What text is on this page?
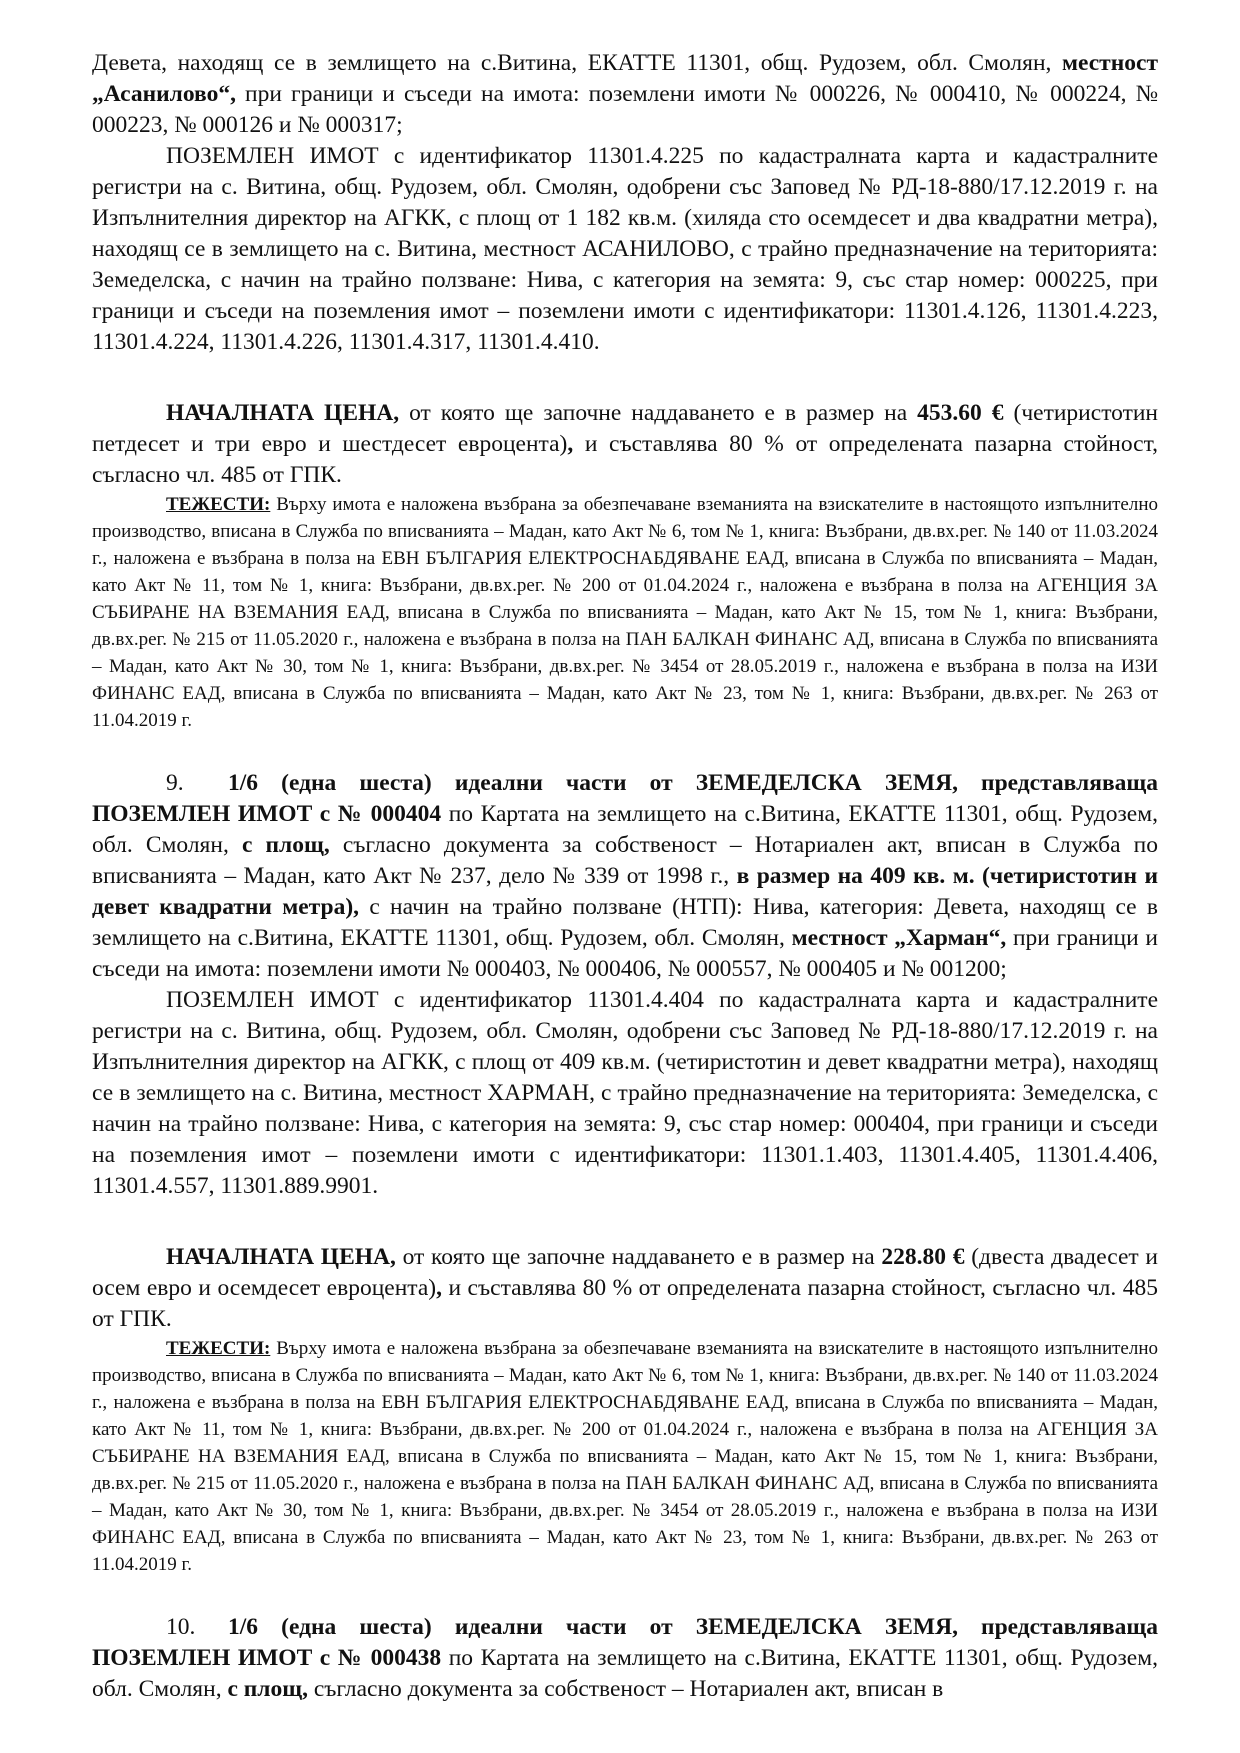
Девета, находящ се в землището на с.Витина, ЕКАТТЕ 11301, общ. Рудозем, обл. Смолян, местност „Асанилово“, при граници и съседи на имота: поземлени имоти № 000226, № 000410, № 000224, № 000223, № 000126 и № 000317;

ПОЗЕМЛЕН ИМОТ с идентификатор 11301.4.225 по кадастралната карта и кадастралните регистри на с. Витина, общ. Рудозем, обл. Смолян, одобрени със Заповед № РД-18-880/17.12.2019 г. на Изпълнителния директор на АГКК, с площ от 1 182 кв.м. (хиляда сто осемдесет и два квадратни метра), находящ се в землището на с. Витина, местност АСАНИЛОВО, с трайно предназначение на територията: Земеделска, с начин на трайно ползване: Нива, с категория на земята: 9, със стар номер: 000225, при граници и съседи на поземления имот – поземлени имоти с идентификатори: 11301.4.126, 11301.4.223, 11301.4.224, 11301.4.226, 11301.4.317, 11301.4.410.

НАЧАЛНАТА ЦЕНА, от която ще започне наддаването е в размер на 453.60 € (четиристотин петдесет и три евро и шестдесет евроцента), и съставлява 80 % от определената пазарна стойност, съгласно чл. 485 от ГПК.

ТЕЖЕСТИ: Върху имота е наложена възбрана за обезпечаване вземанията на взискателите в настоящото изпълнително производство, вписана в Служба по вписванията – Мадан, като Акт № 6, том № 1, книга: Възбрани, дв.вх.рег. № 140 от 11.03.2024 г., наложена е възбрана в полза на ЕВН БЪЛГАРИЯ ЕЛЕКТРОСНАБДЯВАНЕ ЕАД, вписана в Служба по вписванията – Мадан, като Акт № 11, том № 1, книга: Възбрани, дв.вх.рег. № 200 от 01.04.2024 г., наложена е възбрана в полза на АГЕНЦИЯ ЗА СЪБИРАНЕ НА ВЗЕМАНИЯ ЕАД, вписана в Служба по вписванията – Мадан, като Акт № 15, том № 1, книга: Възбрани, дв.вх.рег. № 215 от 11.05.2020 г., наложена е възбрана в полза на ПАН БАЛКАН ФИНАНС АД, вписана в Служба по вписванията – Мадан, като Акт № 30, том № 1, книга: Възбрани, дв.вх.рег. № 3454 от 28.05.2019 г., наложена е възбрана в полза на ИЗИ ФИНАНС ЕАД, вписана в Служба по вписванията – Мадан, като Акт № 23, том № 1, книга: Възбрани, дв.вх.рег. № 263 от 11.04.2019 г.

9. 1/6 (една шеста) идеални части от ЗЕМЕДЕЛСКА ЗЕМЯ, представляваща ПОЗЕМЛЕН ИМОТ с № 000404 по Картата на землището на с.Витина, ЕКАТТЕ 11301, общ. Рудозем, обл. Смолян, с площ, съгласно документа за собственост – Нотариален акт, вписан в Служба по вписванията – Мадан, като Акт № 237, дело № 339 от 1998 г., в размер на 409 кв. м. (четиристотин и девет квадратни метра), с начин на трайно ползване (НТП): Нива, категория: Девета, находящ се в землището на с.Витина, ЕКАТТЕ 11301, общ. Рудозем, обл. Смолян, местност „Харман“, при граници и съседи на имота: поземлени имоти № 000403, № 000406, № 000557, № 000405 и № 001200;

ПОЗЕМЛЕН ИМОТ с идентификатор 11301.4.404 по кадастралната карта и кадастралните регистри на с. Витина, общ. Рудозем, обл. Смолян, одобрени със Заповед № РД-18-880/17.12.2019 г. на Изпълнителния директор на АГКК, с площ от 409 кв.м. (четиристотин и девет квадратни метра), находящ се в землището на с. Витина, местност ХАРМАН, с трайно предназначение на територията: Земеделска, с начин на трайно ползване: Нива, с категория на земята: 9, със стар номер: 000404, при граници и съседи на поземления имот – поземлени имоти с идентификатори: 11301.1.403, 11301.4.405, 11301.4.406, 11301.4.557, 11301.889.9901.

НАЧАЛНАТА ЦЕНА, от която ще започне наддаването е в размер на 228.80 € (двеста двадесет и осем евро и осемдесет евроцента), и съставлява 80 % от определената пазарна стойност, съгласно чл. 485 от ГПК.

ТЕЖЕСТИ: Върху имота е наложена възбрана за обезпечаване вземанията на взискателите в настоящото изпълнително производство, вписана в Служба по вписванията – Мадан, като Акт № 6, том № 1, книга: Възбрани, дв.вх.рег. № 140 от 11.03.2024 г., наложена е възбрана в полза на ЕВН БЪЛГАРИЯ ЕЛЕКТРОСНАБДЯВАНЕ ЕАД, вписана в Служба по вписванията – Мадан, като Акт № 11, том № 1, книга: Възбрани, дв.вх.рег. № 200 от 01.04.2024 г., наложена е възбрана в полза на АГЕНЦИЯ ЗА СЪБИРАНЕ НА ВЗЕМАНИЯ ЕАД, вписана в Служба по вписванията – Мадан, като Акт № 15, том № 1, книга: Възбрани, дв.вх.рег. № 215 от 11.05.2020 г., наложена е възбрана в полза на ПАН БАЛКАН ФИНАНС АД, вписана в Служба по вписванията – Мадан, като Акт № 30, том № 1, книга: Възбрани, дв.вх.рег. № 3454 от 28.05.2019 г., наложена е възбрана в полза на ИЗИ ФИНАНС ЕАД, вписана в Служба по вписванията – Мадан, като Акт № 23, том № 1, книга: Възбрани, дв.вх.рег. № 263 от 11.04.2019 г.

10. 1/6 (една шеста) идеални части от ЗЕМЕДЕЛСКА ЗЕМЯ, представляваща ПОЗЕМЛЕН ИМОТ с № 000438 по Картата на землището на с.Витина, ЕКАТТЕ 11301, общ. Рудозем, обл. Смолян, с площ, съгласно документа за собственост – Нотариален акт, вписан в
